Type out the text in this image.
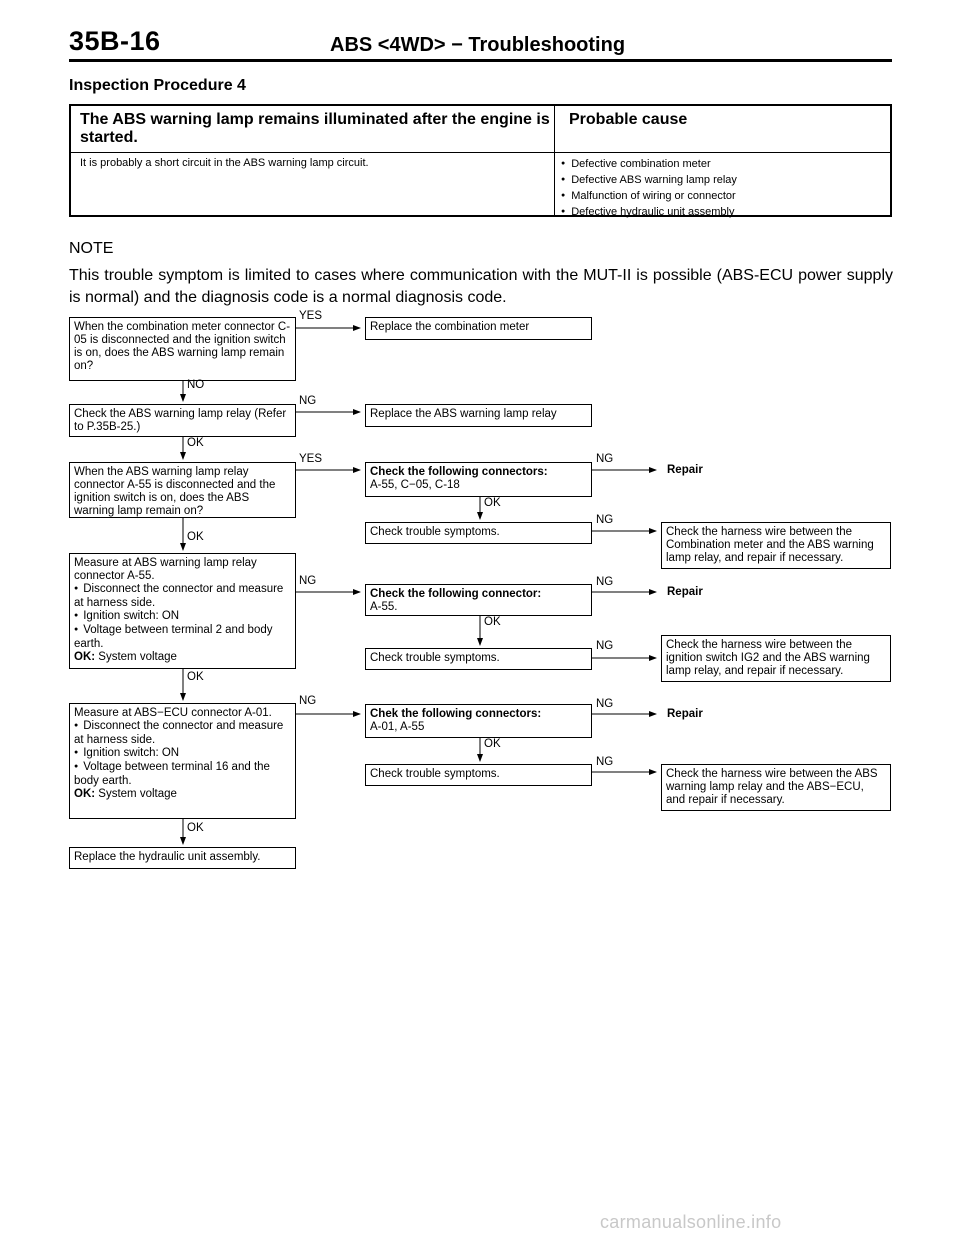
35B-16	ABS <4WD> − Troubleshooting
Inspection Procedure 4
The ABS warning lamp remains illuminated after the engine is started.
Probable cause
It is probably a short circuit in the ABS warning lamp circuit.
●	Defective combination meter
● Defective ABS warning lamp relay
● Malfunction of wiring or connector
● Defective hydraulic unit assembly
NOTE
This trouble symptom is limited to cases where communication with the MUT-II is possible (ABS-ECU power supply is normal) and the diagnosis code is a normal diagnosis code.
When the combination meter connector C-05 is disconnected and the ignition switch is on, does the ABS warning lamp remain on?
YES
Replace the combination meter
NO
Check the ABS warning lamp relay (Refer to P.35B-25.)
NG
Replace the ABS warning lamp relay
OK
When the ABS warning lamp relay connector A-55 is disconnected and the ignition switch is on, does the ABS warning lamp remain on?
YES
Check the following connectors:
A-55, C−05, C-18
NG
Repair
OK
Check trouble symptoms.
NG
Check the harness wire between the Combination meter and the ABS warning lamp relay, and repair if necessary.
OK
Measure at ABS warning lamp relay connector A-55.
● Disconnect the connector and measure at harness side.
● Ignition switch: ON
● Voltage between terminal 2 and body earth.
OK: System voltage
NG
Check the following connector:
A-55.
NG
Repair
OK
Check trouble symptoms.
NG	Check the harness wire between the ignition switch IG2 and the ABS warning lamp relay, and repair if necessary.
OK
Measure at ABS−ECU connector A-01.
● Disconnect the connector and measure at harness side.
● Ignition switch: ON
● Voltage between terminal 16 and the body earth.
OK: System voltage
NG
Chek the following connectors:
A-01, A-55
NG
Repair
OK
Check trouble symptoms.
NG
Check the harness wire between the ABS warning lamp relay and the ABS−ECU, and repair if necessary.
OK
Replace the hydraulic unit assembly.
carmanualsonline.info
